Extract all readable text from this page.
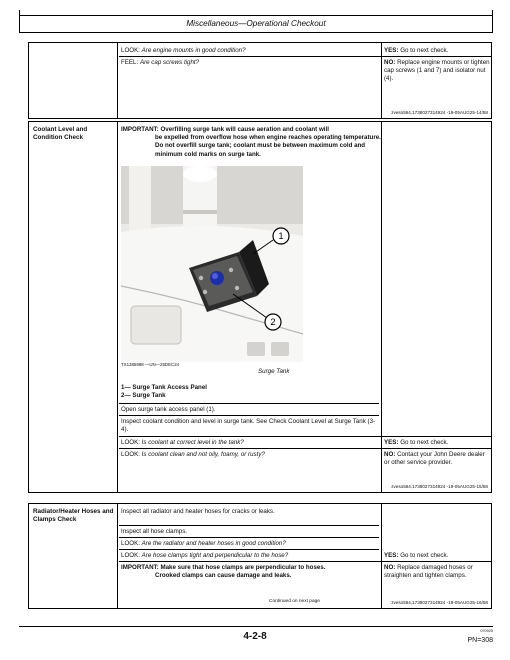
Miscellaneous—Operational Checkout
LOOK: Are engine mounts in good condition?	YES: Go to next check.
FEEL: Are cap screws tight?	NO: Replace engine mounts or tighten cap screws (1 and 7) and isolator nut (4).
zveso564,1738027314924 -19-05AUG25-14/58
Coolant Level and Condition Check
IMPORTANT: Overfilling surge tank will cause aeration and coolant will
be expelled from overflow hose when engine reaches operating temperature. Do not overfill surge tank; coolant must be between maximum cold and minimum cold marks on surge tank.
1
2
TX1385988 —UN—25DEC24
Surge Tank
1— Surge Tank Access Panel
2— Surge Tank
Open surge tank access panel (1).
Inspect coolant condition and level in surge tank. See Check Coolant Level at Surge Tank (3-4).
LOOK: Is coolant at correct level in the tank?	YES: Go to next check.
LOOK: Is coolant clean and not oily, foamy, or rusty?	NO: Contact your John Deere dealer or other service provider.
zveso564,1738027314924 -19-05AUG25-15/58
Radiator/Heater Hoses and Clamps Check
Inspect all radiator and heater hoses for cracks or leaks.
Inspect all hose clamps.
LOOK: Are the radiator and heater hoses in good condition?
LOOK: Are hose clamps tight and perpendicular to the hose?	YES: Go to next check.
IMPORTANT: Make sure that hose clamps are perpendicular to hoses.
Crooked clamps can cause damage and leaks.
NO: Replace damaged hoses or straighten and tighten clamps.
Continued on next page	zveso564,1738027314924 -19-05AUG25-16/58
4-2-8	070925
PN=308
